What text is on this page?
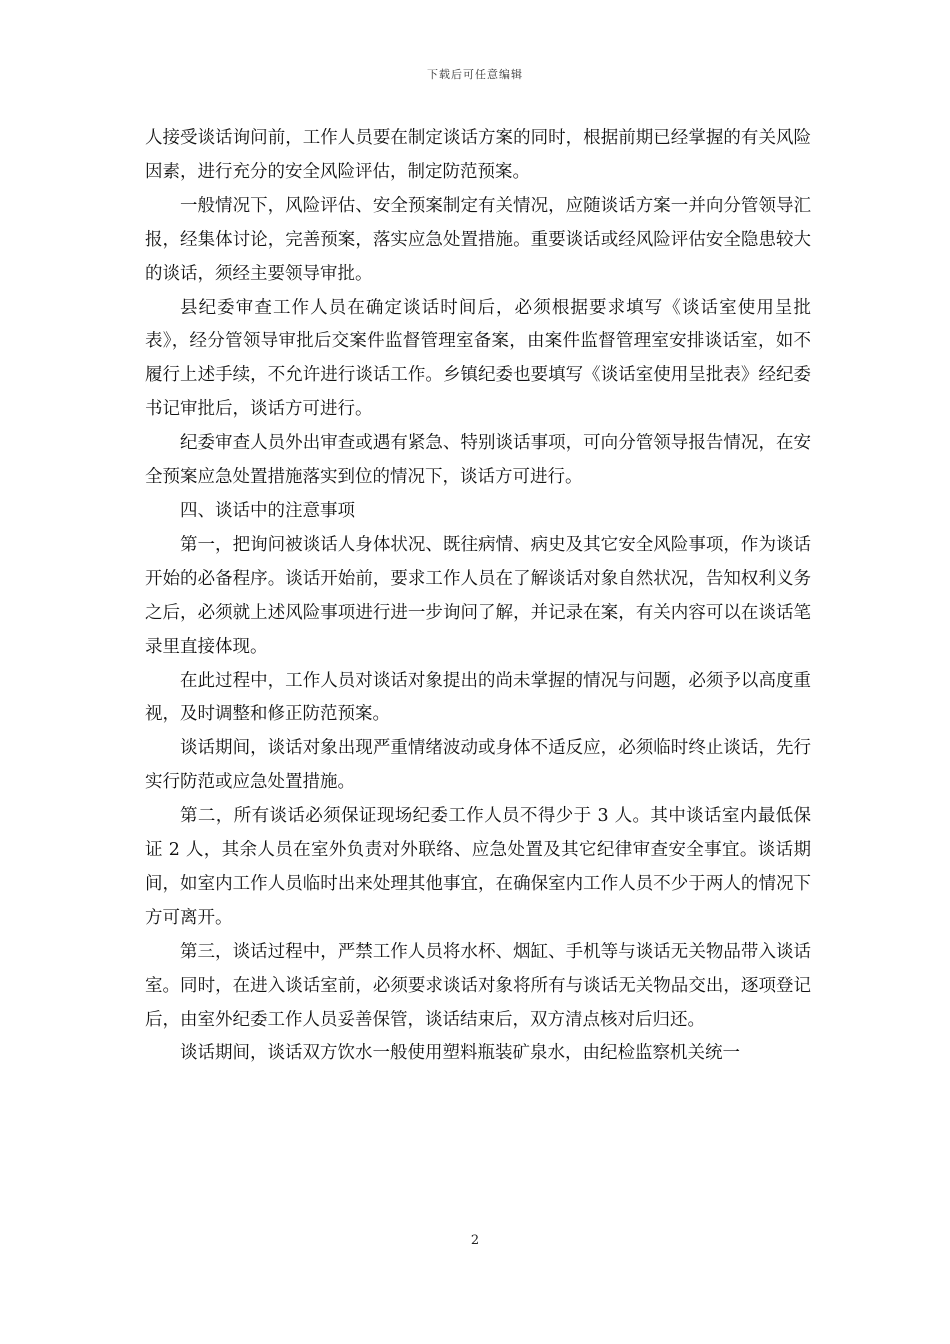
下载后可任意编辑

人接受谈话询问前，工作人员要在制定谈话方案的同时，根据前期已经掌握的有关风险因素，进行充分的安全风险评估，制定防范预案。

一般情况下，风险评估、安全预案制定有关情况，应随谈话方案一并向分管领导汇报，经集体讨论，完善预案，落实应急处置措施。重要谈话或经风险评估安全隐患较大的谈话，须经主要领导审批。

县纪委审查工作人员在确定谈话时间后，必须根据要求填写《谈话室使用呈批表》，经分管领导审批后交案件监督管理室备案，由案件监督管理室安排谈话室，如不履行上述手续，不允许进行谈话工作。乡镇纪委也要填写《谈话室使用呈批表》经纪委书记审批后，谈话方可进行。

纪委审查人员外出审查或遇有紧急、特别谈话事项，可向分管领导报告情况，在安全预案应急处置措施落实到位的情况下，谈话方可进行。

四、谈话中的注意事项

第一，把询问被谈话人身体状况、既往病情、病史及其它安全风险事项，作为谈话开始的必备程序。谈话开始前，要求工作人员在了解谈话对象自然状况，告知权利义务之后，必须就上述风险事项进行进一步询问了解，并记录在案，有关内容可以在谈话笔录里直接体现。

在此过程中，工作人员对谈话对象提出的尚未掌握的情况与问题，必须予以高度重视，及时调整和修正防范预案。

谈话期间，谈话对象出现严重情绪波动或身体不适反应，必须临时终止谈话，先行实行防范或应急处置措施。

第二，所有谈话必须保证现场纪委工作人员不得少于 3 人。其中谈话室内最低保证 2 人，其余人员在室外负责对外联络、应急处置及其它纪律审查安全事宜。谈话期间，如室内工作人员临时出来处理其他事宜，在确保室内工作人员不少于两人的情况下方可离开。

第三，谈话过程中，严禁工作人员将水杯、烟缸、手机等与谈话无关物品带入谈话室。同时，在进入谈话室前，必须要求谈话对象将所有与谈话无关物品交出，逐项登记后，由室外纪委工作人员妥善保管，谈话结束后，双方清点核对后归还。

谈话期间，谈话双方饮水一般使用塑料瓶装矿泉水，由纪检监察机关统一

2
